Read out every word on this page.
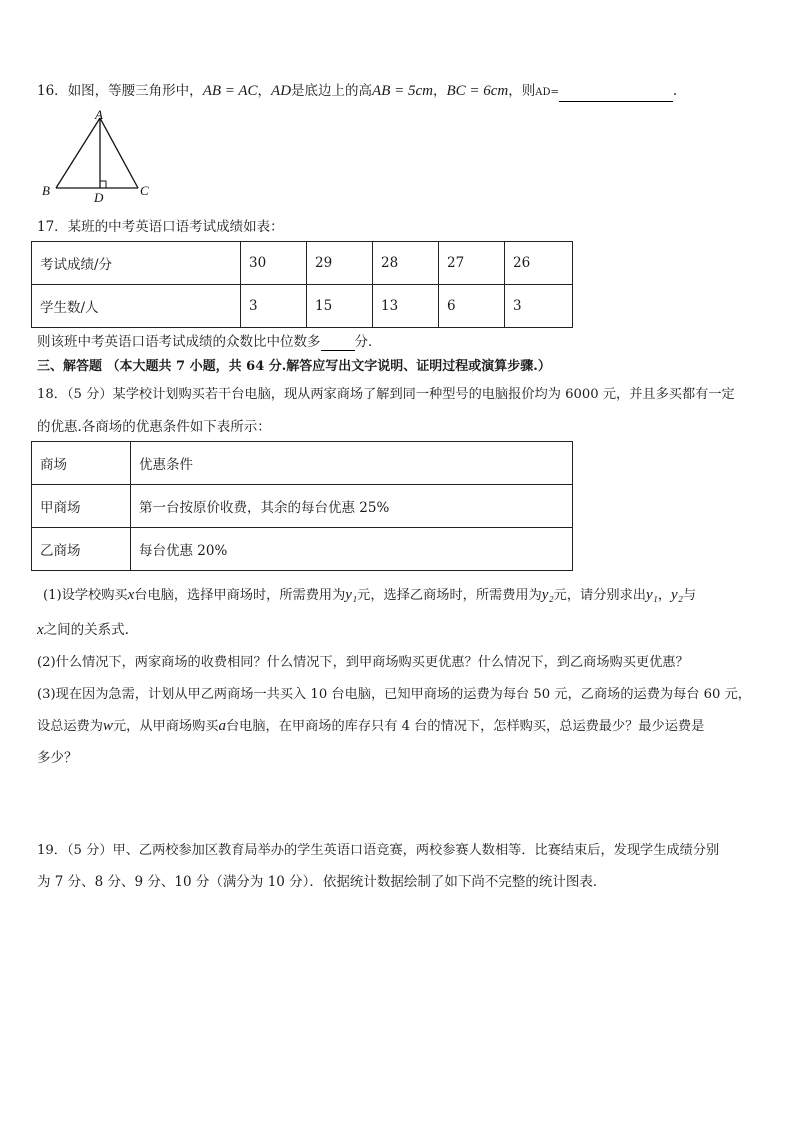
16．如图，等腰三角形中，AB = AC，AD是底边上的高AB = 5cm，BC = 6cm，则AD=	.
A
B	C
D
17．某班的中考英语口语考试成绩如表：
考试成绩/分	30	29	28	27	26
学生数/人	3	15	13	6	3
则该班中考英语口语考试成绩的众数比中位数多	分．
三、解答题 （本大题共 7 小题，共 64 分.解答应写出文字说明、证明过程或演算步骤.）
18．（5 分）某学校计划购买若干台电脑，现从两家商场了解到同一种型号的电脑报价均为 6000 元，并且多买都有一定
的优惠.各商场的优惠条件如下表所示：
商场	优惠条件
甲商场	第一台按原价收费，其余的每台优惠 25%
乙商场	每台优惠 20%
(1)设学校购买x台电脑，选择甲商场时，所需费用为y₁元，选择乙商场时，所需费用为y₂元，请分别求出y₁，y₂与
x之间的关系式.
(2)什么情况下，两家商场的收费相同？什么情况下，到甲商场购买更优惠？什么情况下，到乙商场购买更优惠？
(3)现在因为急需，计划从甲乙两商场一共买入 10 台电脑，已知甲商场的运费为每台 50 元，乙商场的运费为每台 60 元，
设总运费为w元，从甲商场购买a台电脑，在甲商场的库存只有 4 台的情况下，怎样购买，总运费最少？最少运费是
多少？
19．（5 分）甲、乙两校参加区教育局举办的学生英语口语竞赛，两校参赛人数相等．比赛结束后，发现学生成绩分别
为 7 分、8 分、9 分、10 分（满分为 10 分）．依据统计数据绘制了如下尚不完整的统计图表．
